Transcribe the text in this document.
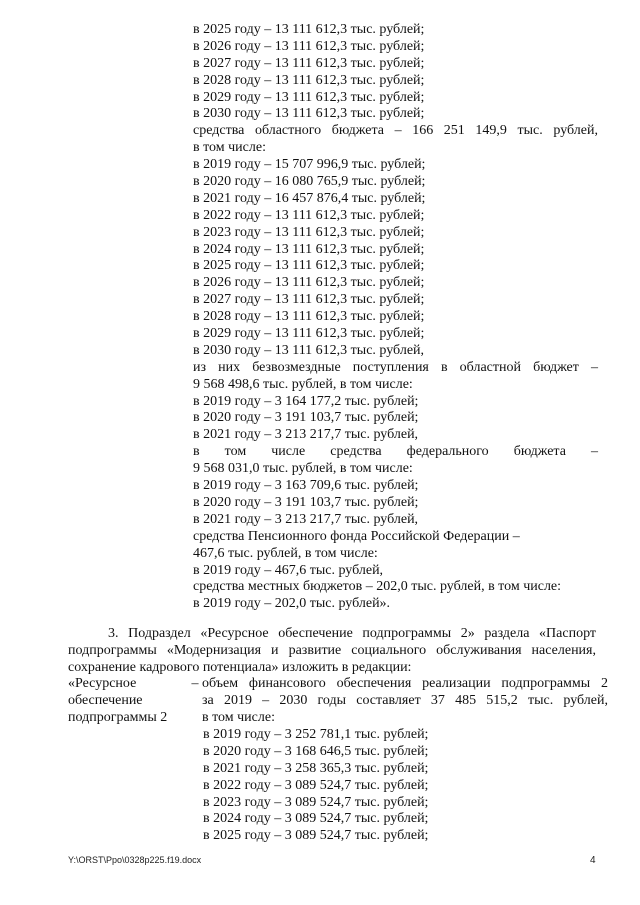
в 2025 году – 13 111 612,3 тыс. рублей;
в 2026 году – 13 111 612,3 тыс. рублей;
в 2027 году – 13 111 612,3 тыс. рублей;
в 2028 году – 13 111 612,3 тыс. рублей;
в 2029 году – 13 111 612,3 тыс. рублей;
в 2030 году – 13 111 612,3 тыс. рублей;
средства областного бюджета – 166 251 149,9 тыс. рублей,
в том числе:
в 2019 году – 15 707 996,9 тыс. рублей;
в 2020 году – 16 080 765,9 тыс. рублей;
в 2021 году – 16 457 876,4 тыс. рублей;
в 2022 году – 13 111 612,3 тыс. рублей;
в 2023 году – 13 111 612,3 тыс. рублей;
в 2024 году – 13 111 612,3 тыс. рублей;
в 2025 году – 13 111 612,3 тыс. рублей;
в 2026 году – 13 111 612,3 тыс. рублей;
в 2027 году – 13 111 612,3 тыс. рублей;
в 2028 году – 13 111 612,3 тыс. рублей;
в 2029 году – 13 111 612,3 тыс. рублей;
в 2030 году – 13 111 612,3 тыс. рублей,
из них безвозмездные поступления в областной бюджет –
9 568 498,6 тыс. рублей, в том числе:
в 2019 году – 3 164 177,2 тыс. рублей;
в 2020 году – 3 191 103,7 тыс. рублей;
в 2021 году – 3 213 217,7 тыс. рублей,
в том числе средства федерального бюджета –
9 568 031,0 тыс. рублей, в том числе:
в 2019 году – 3 163 709,6 тыс. рублей;
в 2020 году – 3 191 103,7 тыс. рублей;
в 2021 году – 3 213 217,7 тыс. рублей,
средства Пенсионного фонда Российской Федерации –
467,6 тыс. рублей, в том числе:
в 2019 году – 467,6 тыс. рублей,
средства местных бюджетов – 202,0 тыс. рублей, в том числе:
в 2019 году – 202,0 тыс. рублей».
3. Подраздел «Ресурсное обеспечение подпрограммы 2» раздела «Паспорт подпрограммы «Модернизация и развитие социального обслуживания населения, сохранение кадрового потенциала» изложить в редакции:
«Ресурсное
обеспечение
подпрограммы 2
– объем финансового обеспечения реализации подпрограммы 2
за 2019 – 2030 годы составляет 37 485 515,2 тыс. рублей,
в том числе:
в 2019 году – 3 252 781,1 тыс. рублей;
в 2020 году – 3 168 646,5 тыс. рублей;
в 2021 году – 3 258 365,3 тыс. рублей;
в 2022 году – 3 089 524,7 тыс. рублей;
в 2023 году – 3 089 524,7 тыс. рублей;
в 2024 году – 3 089 524,7 тыс. рублей;
в 2025 году – 3 089 524,7 тыс. рублей;
Y:\ORST\Ppo\0328p225.f19.docx	4
